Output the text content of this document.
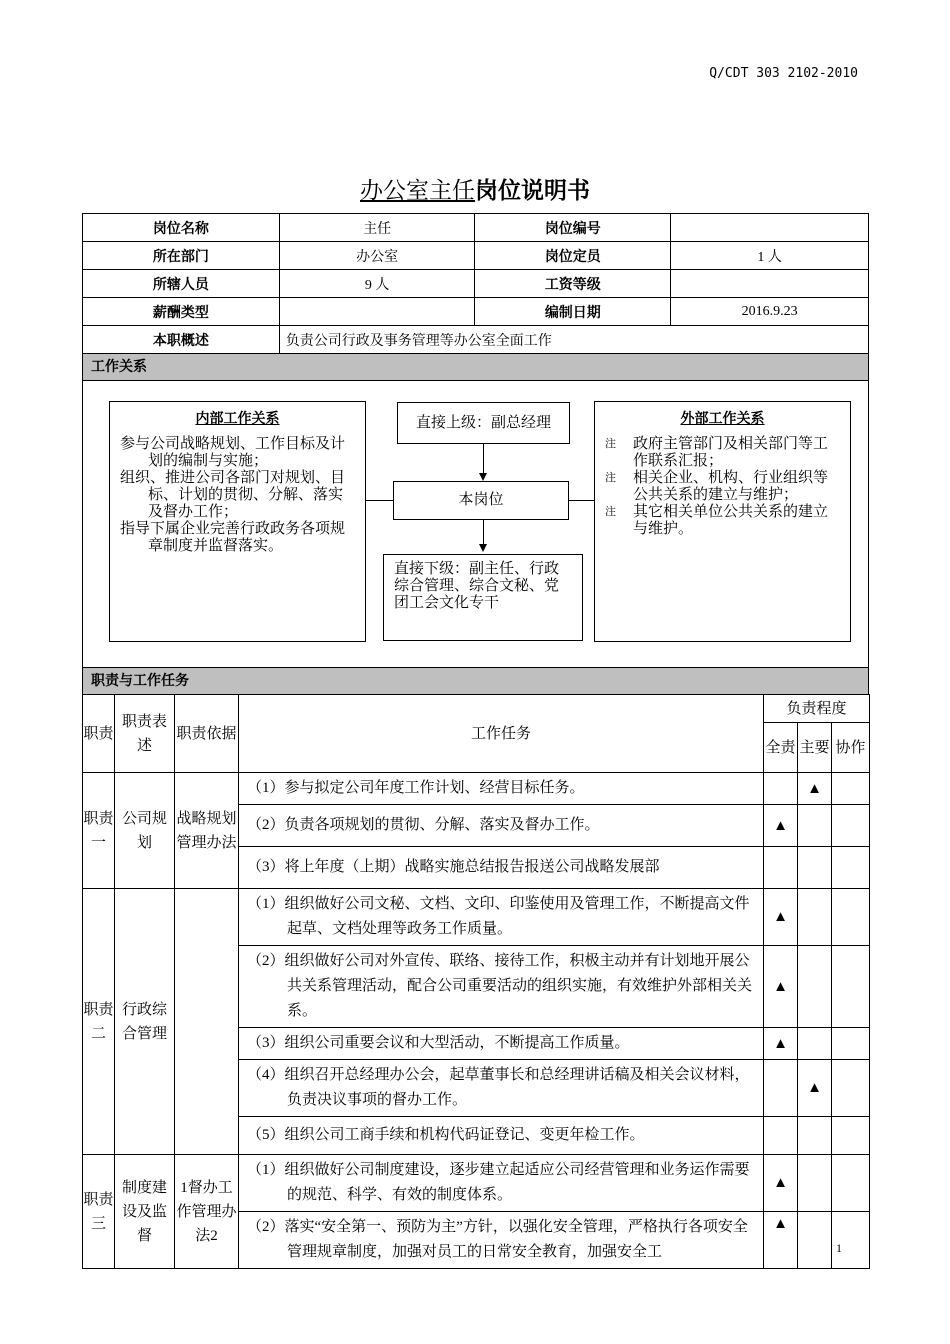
Q/CDT 303 2102-2010
办公室主任岗位说明书
岗位名称	主任	岗位编号	
所在部门	办公室	岗位定员	1 人
所辖人员	9 人	工资等级	
薪酬类型		编制日期	2016.9.23
本职概述	负责公司行政及事务管理等办公室全面工作		
工作关系
内部工作关系
参与公司战略规划、工作目标及计划的编制与实施；
组织、推进公司各部门对规划、目标、计划的贯彻、分解、落实及督办工作；
指导下属企业完善行政政务各项规章制度并监督落实。
直接上级：副总经理
本岗位
直接下级：副主任、行政综合管理、综合文秘、党团工会文化专干
外部工作关系
注	政府主管部门及相关部门等工作联系汇报；
注	相关企业、机构、行业组织等公共关系的建立与维护；
注	其它相关单位公共关系的建立与维护。
职责与工作任务
职责	职责表述	职责依据	工作任务	负责程度		
				全责	主要	协作
职责一	公司规划	战略规划管理办法	（1）参与拟定公司年度工作计划、经营目标任务。		▲	
			（2）负责各项规划的贯彻、分解、落实及督办工作。	▲		
			（3）将上年度（上期）战略实施总结报告报送公司战略发展部			
职责二	行政综合管理		（1）组织做好公司文秘、文档、文印、印鉴使用及管理工作，不断提高文件起草、文档处理等政务工作质量。	▲		

			（2）组织做好公司对外宣传、联络、接待工作，积极主动并有计划地开展公共关系管理活动，配合公司重要活动的组织实施，有效维护外部相关关系。	▲		
			（3）组织公司重要会议和大型活动，不断提高工作质量。	▲		

			（4）组织召开总经理办公会，起草董事长和总经理讲话稿及相关会议材料，负责决议事项的督办工作。		▲	
			（5）组织公司工商手续和机构代码证登记、变更年检工作。			
职责三	制度建设及监督	1督办工作管理办法2	（1）组织做好公司制度建设，逐步建立起适应公司经营管理和业务运作需要的规范、科学、有效的制度体系。	▲		

			（2）落实“安全第一、预防为主”方针，以强化安全管理，严格执行各项安全管理规章制度，加强对员工的日常安全教育，加强安全工	▲		
1
